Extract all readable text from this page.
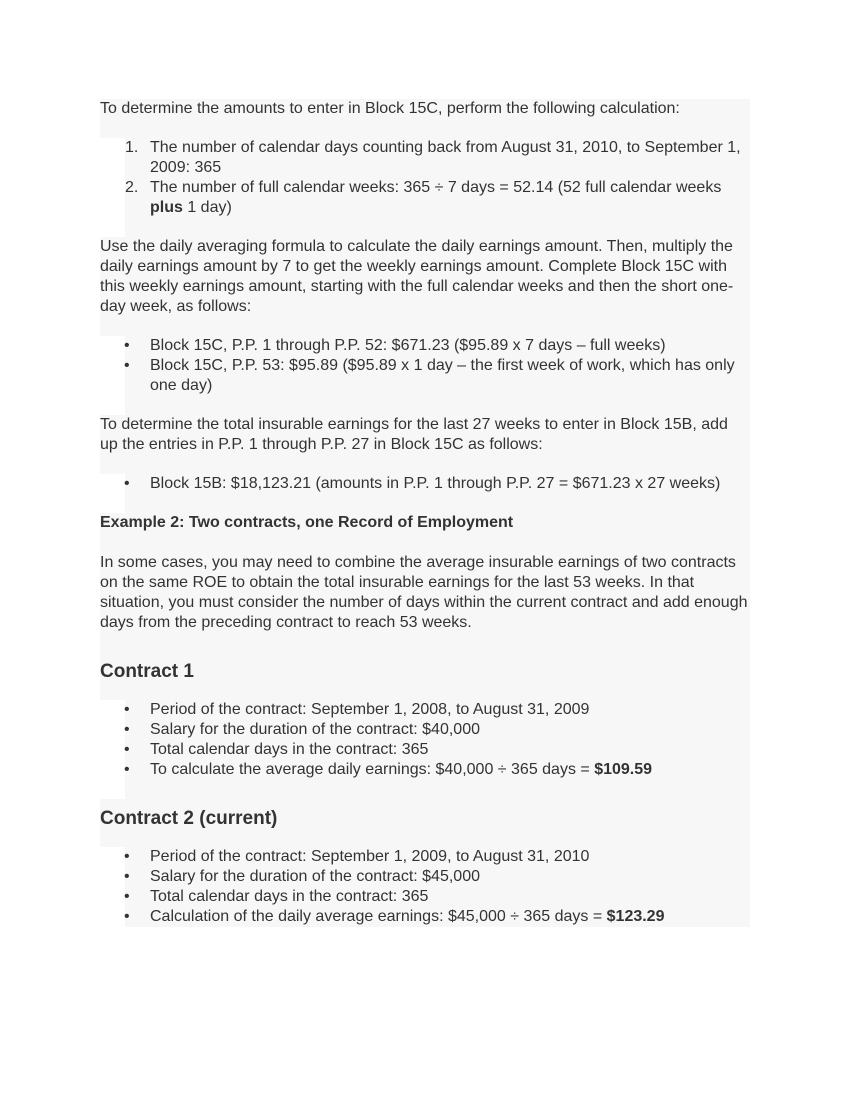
To determine the amounts to enter in Block 15C, perform the following calculation:

1. The number of calendar days counting back from August 31, 2010, to September 1, 2009: 365
2. The number of full calendar weeks: 365 ÷ 7 days = 52.14 (52 full calendar weeks plus 1 day)

Use the daily averaging formula to calculate the daily earnings amount. Then, multiply the daily earnings amount by 7 to get the weekly earnings amount. Complete Block 15C with this weekly earnings amount, starting with the full calendar weeks and then the short one-day week, as follows:

• Block 15C, P.P. 1 through P.P. 52: $671.23 ($95.89 x 7 days – full weeks)
• Block 15C, P.P. 53: $95.89 ($95.89 x 1 day – the first week of work, which has only one day)

To determine the total insurable earnings for the last 27 weeks to enter in Block 15B, add up the entries in P.P. 1 through P.P. 27 in Block 15C as follows:

• Block 15B: $18,123.21 (amounts in P.P. 1 through P.P. 27 = $671.23 x 27 weeks)

Example 2: Two contracts, one Record of Employment

In some cases, you may need to combine the average insurable earnings of two contracts on the same ROE to obtain the total insurable earnings for the last 53 weeks. In that situation, you must consider the number of days within the current contract and add enough days from the preceding contract to reach 53 weeks.

Contract 1
• Period of the contract: September 1, 2008, to August 31, 2009
• Salary for the duration of the contract: $40,000
• Total calendar days in the contract: 365
• To calculate the average daily earnings: $40,000 ÷ 365 days = $109.59
Contract 2 (current)
• Period of the contract: September 1, 2009, to August 31, 2010
• Salary for the duration of the contract: $45,000
• Total calendar days in the contract: 365
• Calculation of the daily average earnings: $45,000 ÷ 365 days = $123.29
